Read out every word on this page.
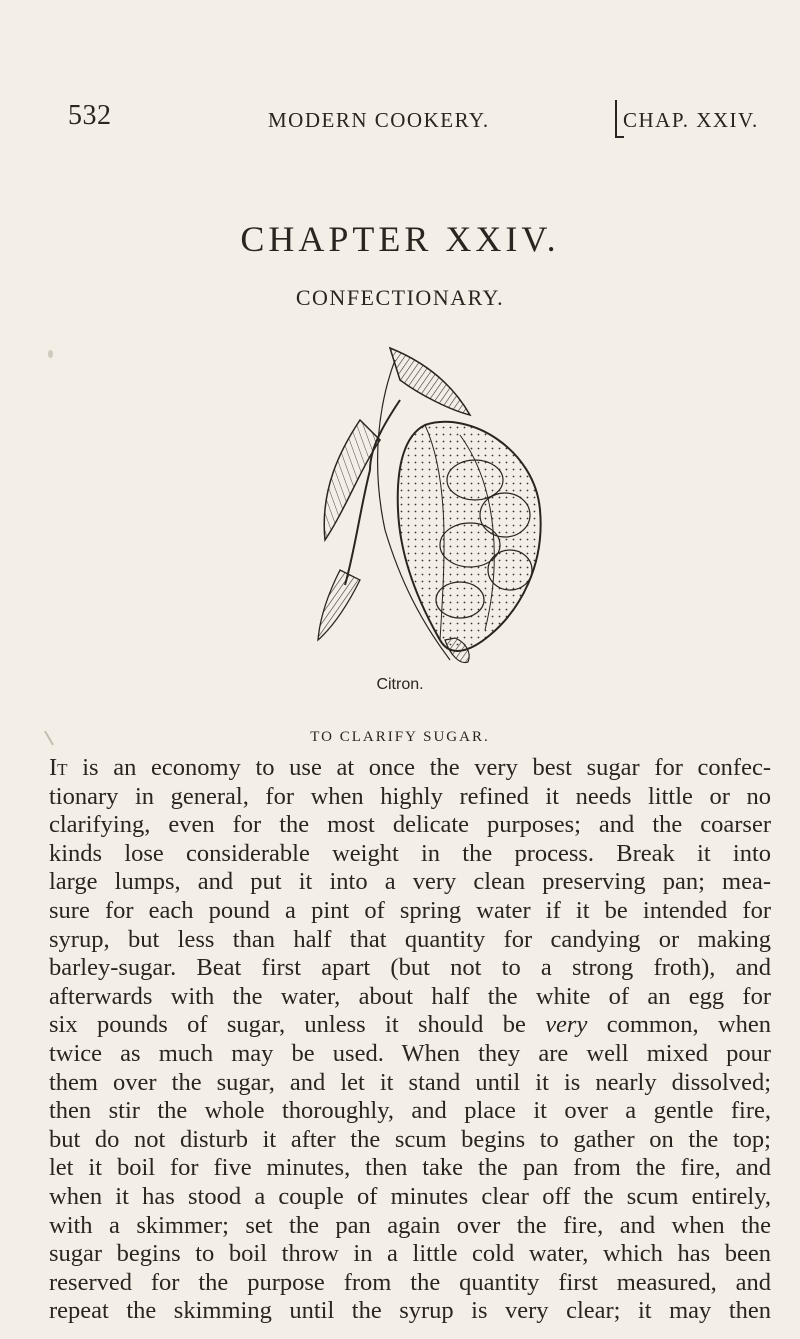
532	MODERN COOKERY.	CHAP. XXIV.
CHAPTER XXIV.
CONFECTIONARY.
Citron.
TO CLARIFY SUGAR.
It is an economy to use at once the very best sugar for confec-
tionary in general, for when highly refined it needs little or no
clarifying, even for the most delicate purposes; and the coarser
kinds lose considerable weight in the process. Break it into
large lumps, and put it into a very clean preserving pan; mea-
sure for each pound a pint of spring water if it be intended for
syrup, but less than half that quantity for candying or making
barley-sugar. Beat first apart (but not to a strong froth), and
afterwards with the water, about half the white of an egg for
six pounds of sugar, unless it should be very common, when
twice as much may be used. When they are well mixed pour
them over the sugar, and let it stand until it is nearly dissolved;
then stir the whole thoroughly, and place it over a gentle fire,
but do not disturb it after the scum begins to gather on the top;
let it boil for five minutes, then take the pan from the fire, and
when it has stood a couple of minutes clear off the scum entirely,
with a skimmer; set the pan again over the fire, and when the
sugar begins to boil throw in a little cold water, which has been
reserved for the purpose from the quantity first measured, and
repeat the skimming until the syrup is very clear; it may then
